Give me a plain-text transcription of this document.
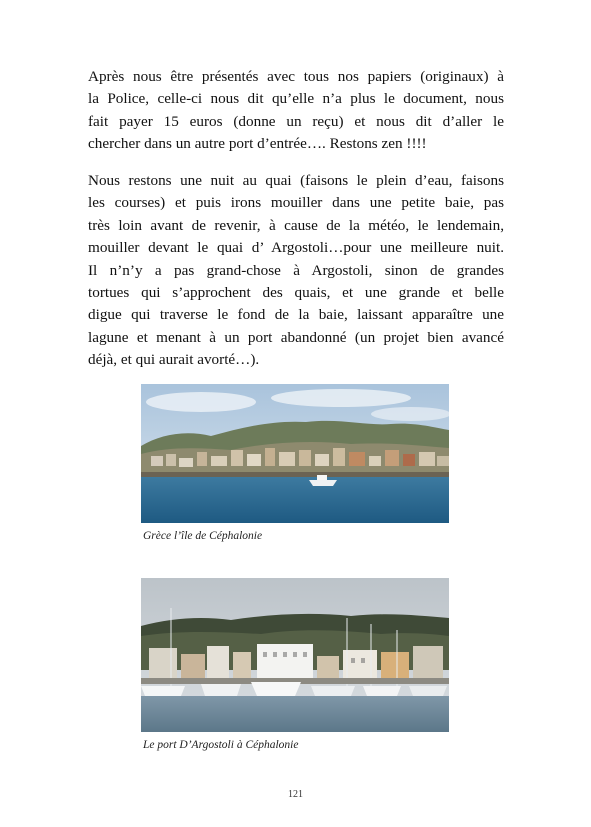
Après nous être présentés avec tous nos papiers (originaux) à
la Police, celle-ci nous dit qu’elle n’a plus le document, nous
fait payer 15 euros (donne un reçu) et nous dit d’aller le
chercher dans un autre port d’entrée…. Restons zen !!!!
Nous restons une nuit au quai (faisons le plein d’eau, faisons
les courses) et puis irons mouiller dans une petite baie, pas
très loin avant de revenir, à cause de la météo, le lendemain,
mouiller devant le quai d’ Argostoli…pour une meilleure nuit.
Il n’n’y a pas grand-chose à Argostoli, sinon de grandes
tortues qui s’approchent des quais, et une grande et belle
digue qui traverse le fond de la baie, laissant apparaître une
lagune et menant à un port abandonné (un projet bien avancé
déjà, et qui aurait avorté…).
Grèce l’île de Céphalonie
Le port D’Argostoli à Céphalonie
121
